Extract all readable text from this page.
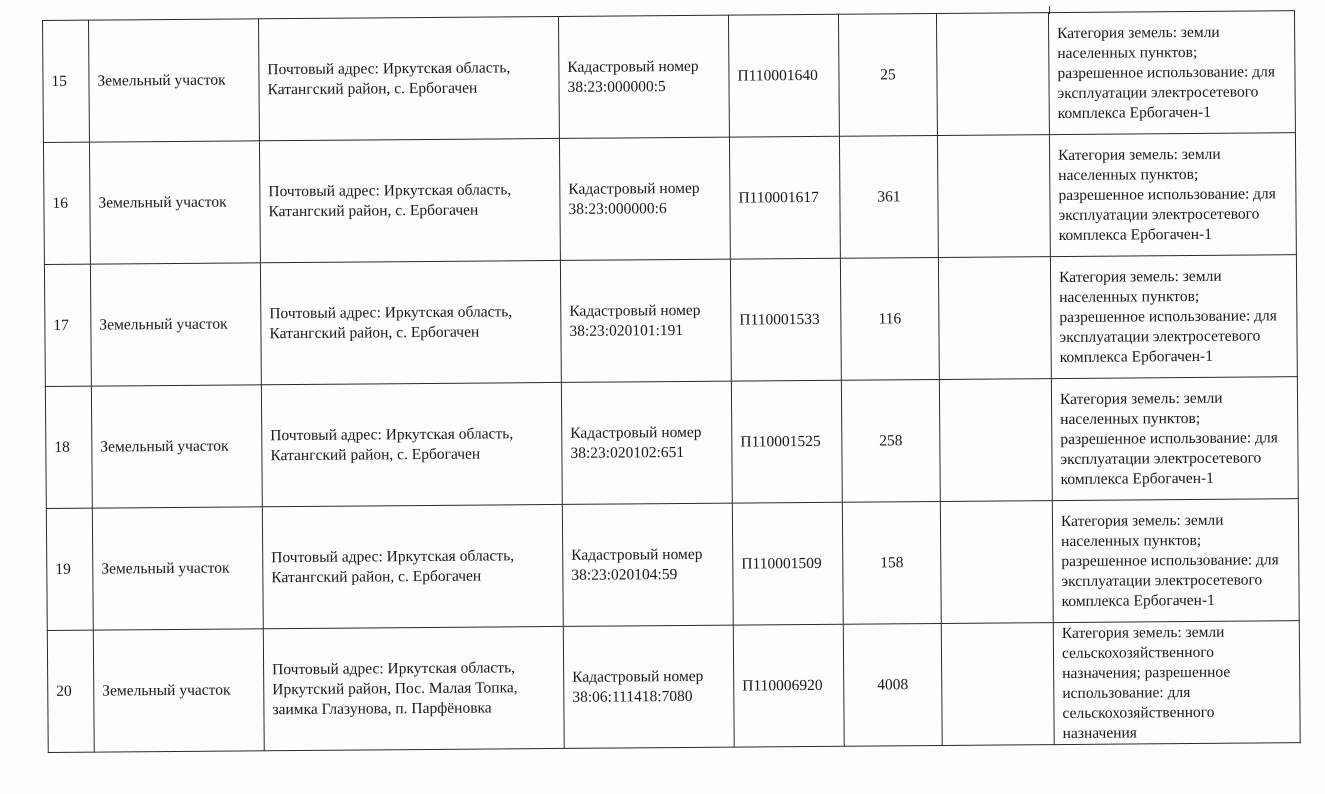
15	Земельный участок	Почтовый адрес: Иркутская область, Катангский район, с. Ербогачен	Кадастровый номер 38:23:000000:5	П110001640	25		Категория земель: земли населенных пунктов; разрешенное использование: для эксплуатации электросетевого комплекса Ербогачен-1

16	Земельный участок	Почтовый адрес: Иркутская область, Катангский район, с. Ербогачен	Кадастровый номер 38:23:000000:6	П110001617	361		Категория земель: земли населенных пунктов; разрешенное использование: для эксплуатации электросетевого комплекса Ербогачен-1

17	Земельный участок	Почтовый адрес: Иркутская область, Катангский район, с. Ербогачен	Кадастровый номер 38:23:020101:191	П110001533	116		Категория земель: земли населенных пунктов; разрешенное использование: для эксплуатации электросетевого комплекса Ербогачен-1

18	Земельный участок	Почтовый адрес: Иркутская область, Катангский район, с. Ербогачен	Кадастровый номер 38:23:020102:651	П110001525	258		Категория земель: земли населенных пунктов; разрешенное использование: для эксплуатации электросетевого комплекса Ербогачен-1

19	Земельный участок	Почтовый адрес: Иркутская область, Катангский район, с. Ербогачен	Кадастровый номер 38:23:020104:59	П110001509	158		Категория земель: земли населенных пунктов; разрешенное использование: для эксплуатации электросетевого комплекса Ербогачен-1

20	Земельный участок	Почтовый адрес: Иркутская область, Иркутский район, Пос. Малая Топка, заимка Глазунова, п. Парфёновка	Кадастровый номер 38:06:111418:7080	П110006920	4008		Категория земель: земли сельскохозяйственного назначения; разрешенное использование: для сельскохозяйственного назначения
